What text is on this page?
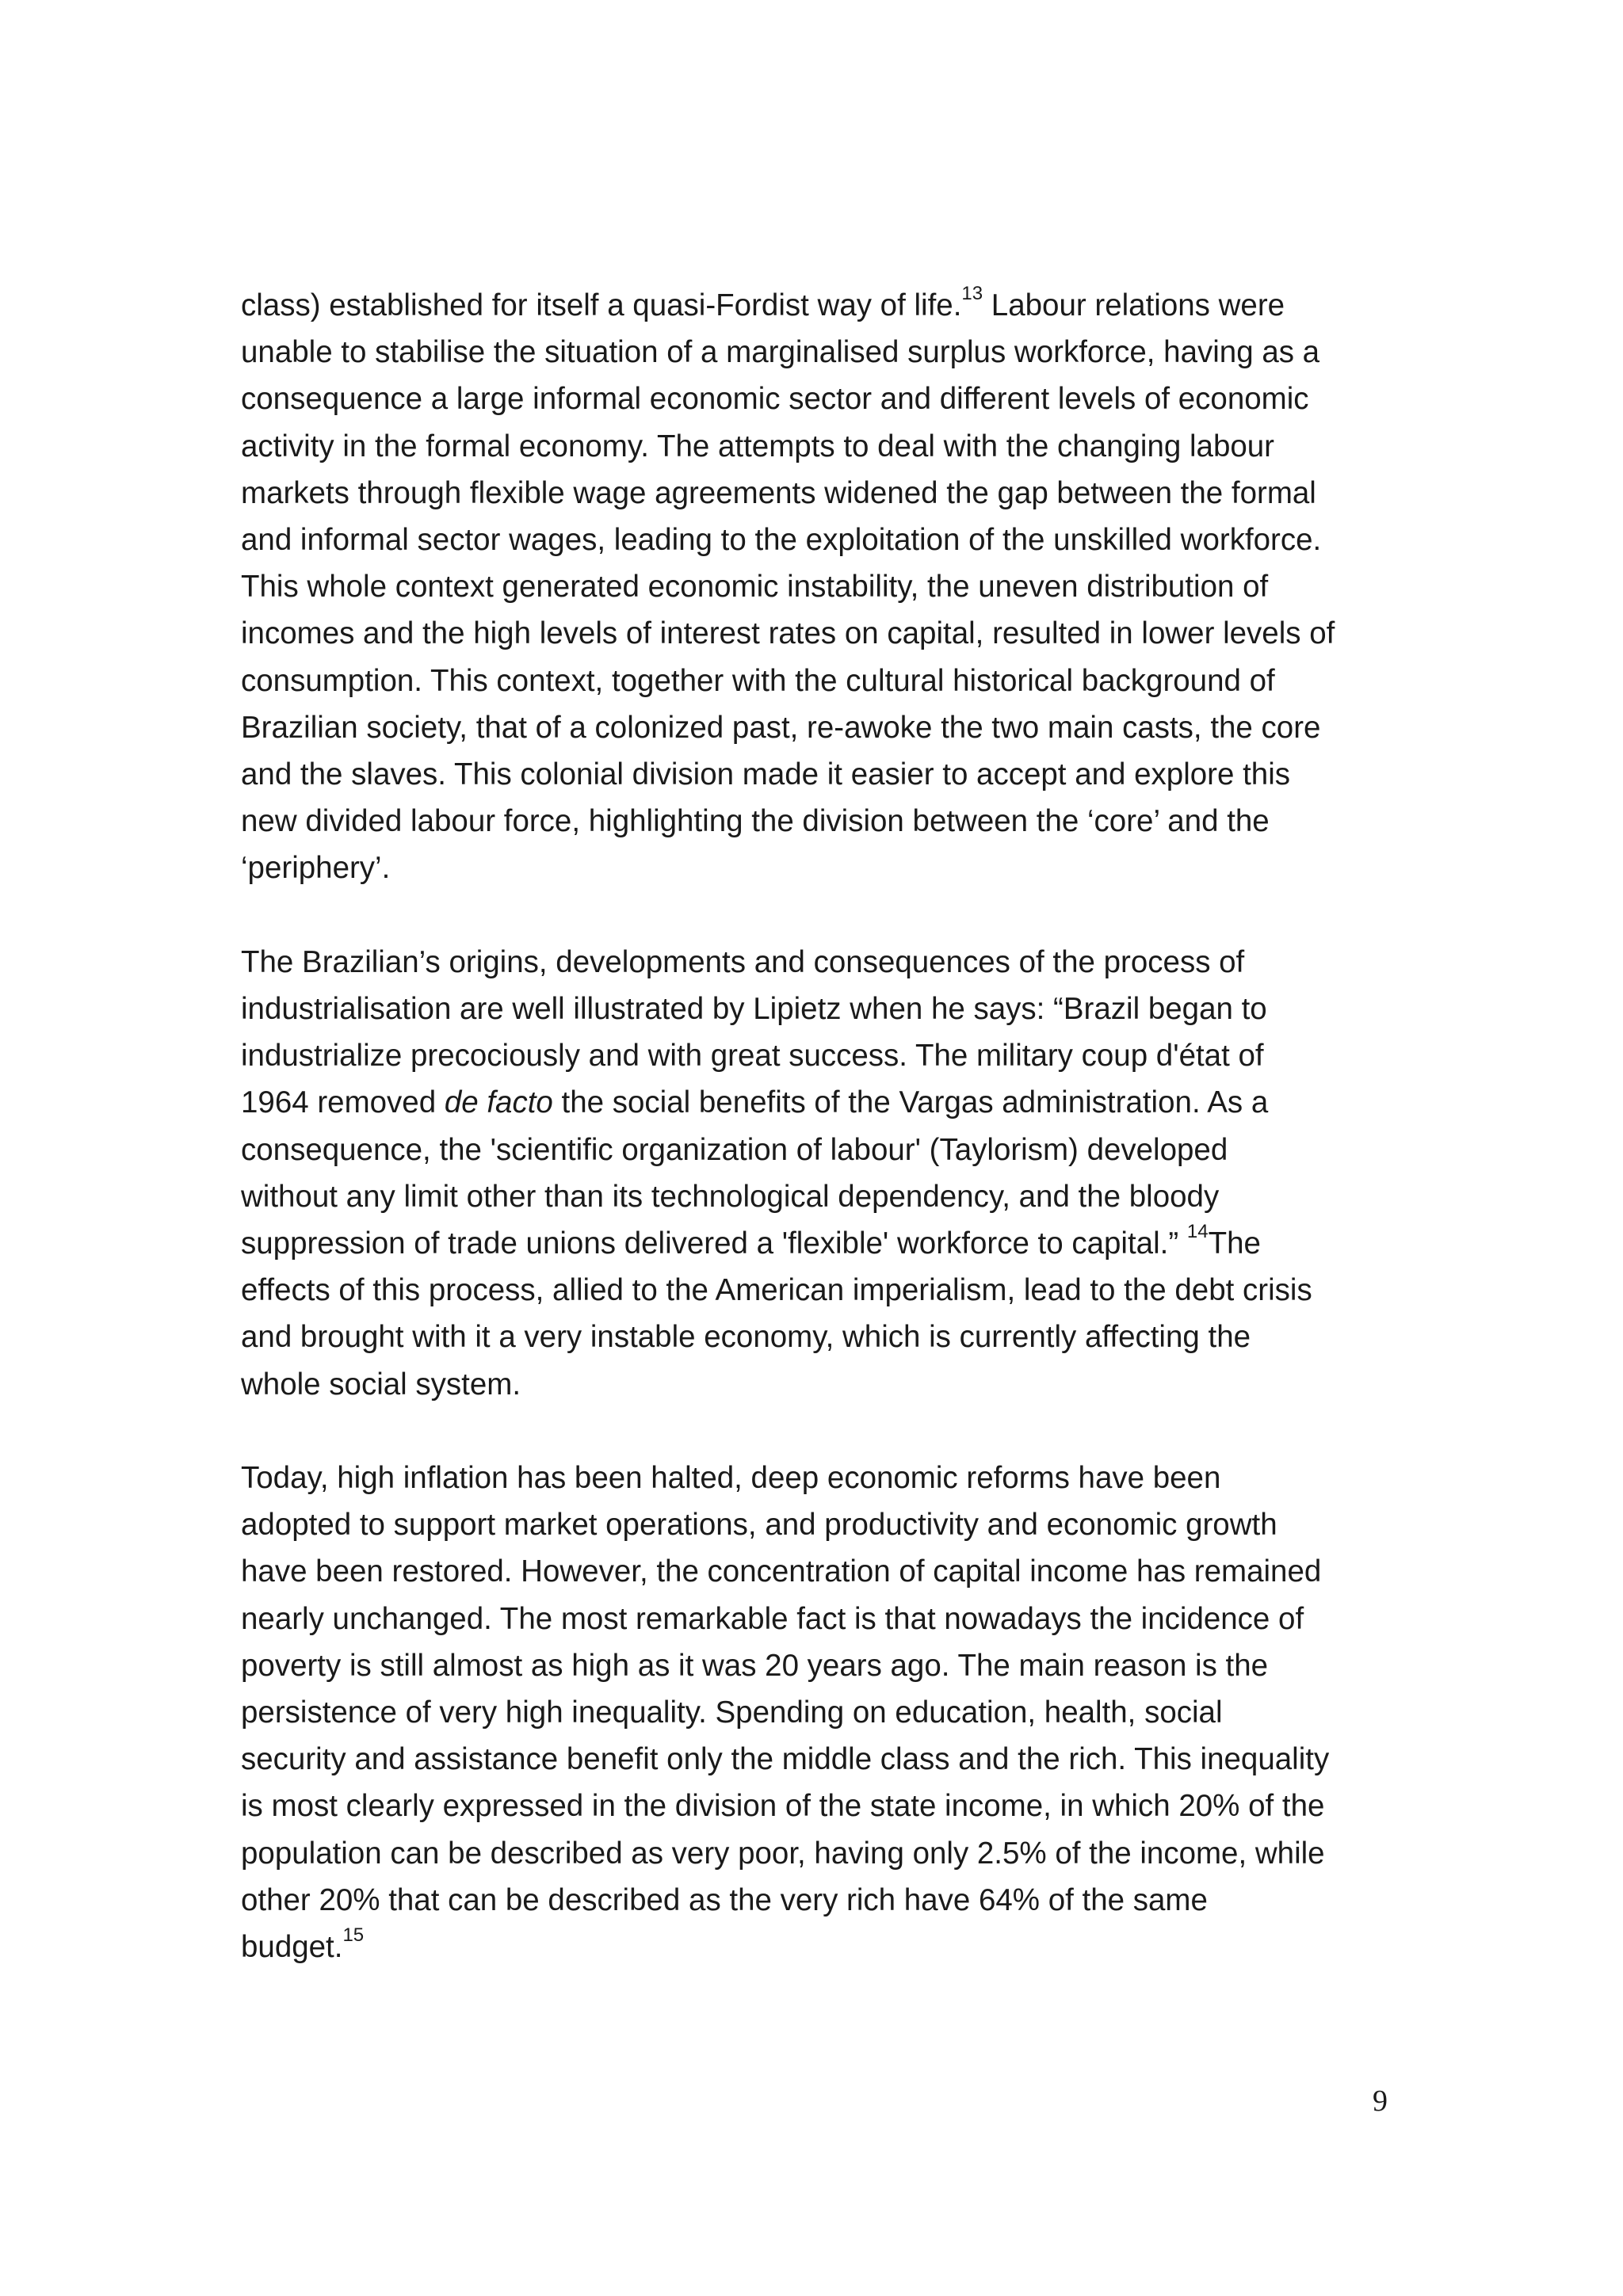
class) established for itself a quasi-Fordist way of life.$^{13}$ Labour relations were
unable to stabilise the situation of a marginalised surplus workforce, having as a
consequence a large informal economic sector and different levels of economic
activity in the formal economy. The attempts to deal with the changing labour
markets through flexible wage agreements widened the gap between the formal
and informal sector wages, leading to the exploitation of the unskilled workforce.
This whole context generated economic instability, the uneven distribution of
incomes and the high levels of interest rates on capital, resulted in lower levels of
consumption. This context, together with the cultural historical background of
Brazilian society, that of a colonized past, re-awoke the two main casts, the core
and the slaves. This colonial division made it easier to accept and explore this
new divided labour force, highlighting the division between the ‘core’ and the
‘periphery’.
The Brazilian’s origins, developments and consequences of the process of
industrialisation are well illustrated by Lipietz when he says: “Brazil began to
industrialize precociously and with great success. The military coup d'état of
1964 removed de facto the social benefits of the Vargas administration. As a
consequence, the 'scientific organization of labour' (Taylorism) developed
without any limit other than its technological dependency, and the bloody
suppression of trade unions delivered a 'flexible' workforce to capital.” $^{14}$The
effects of this process, allied to the American imperialism, lead to the debt crisis
and brought with it a very instable economy, which is currently affecting the
whole social system.
Today, high inflation has been halted, deep economic reforms have been
adopted to support market operations, and productivity and economic growth
have been restored. However, the concentration of capital income has remained
nearly unchanged. The most remarkable fact is that nowadays the incidence of
poverty is still almost as high as it was 20 years ago. The main reason is the
persistence of very high inequality. Spending on education, health, social
security and assistance benefit only the middle class and the rich. This inequality
is most clearly expressed in the division of the state income, in which 20% of the
population can be described as very poor, having only 2.5% of the income, while
other 20% that can be described as the very rich have 64% of the same
budget.$^{15}$
9
